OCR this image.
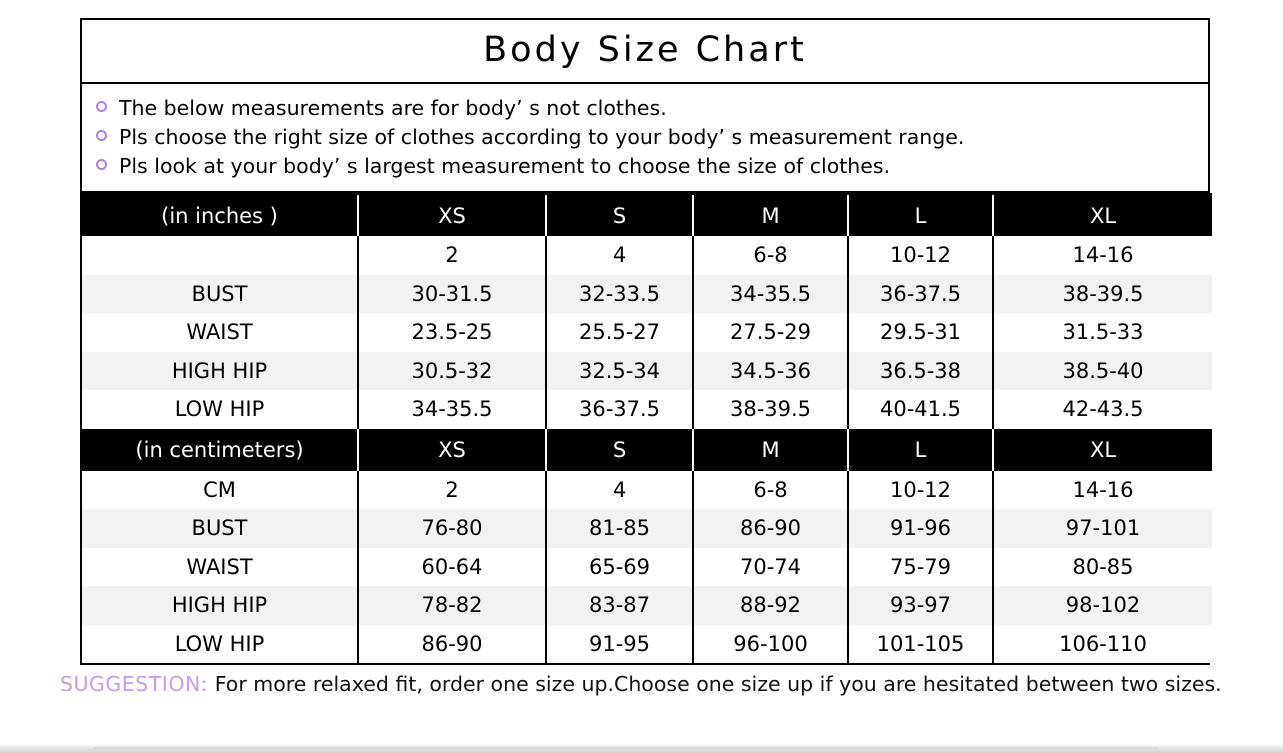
Body Size Chart
The below measurements are for body’ s not clothes.
Pls choose the right size of clothes according to your body’ s measurement range.
Pls look at your body’ s largest measurement to choose the size of clothes.
(in inches )	XS	S	M	L	XL
	2	4	6-8	10-12	14-16
BUST	30-31.5	32-33.5	34-35.5	36-37.5	38-39.5
WAIST	23.5-25	25.5-27	27.5-29	29.5-31	31.5-33
HIGH HIP	30.5-32	32.5-34	34.5-36	36.5-38	38.5-40
LOW HIP	34-35.5	36-37.5	38-39.5	40-41.5	42-43.5
(in centimeters)	XS	S	M	L	XL
CM	2	4	6-8	10-12	14-16
BUST	76-80	81-85	86-90	91-96	97-101
WAIST	60-64	65-69	70-74	75-79	80-85
HIGH HIP	78-82	83-87	88-92	93-97	98-102
LOW HIP	86-90	91-95	96-100	101-105	106-110
SUGGESTION: For more relaxed fit, order one size up.Choose one size up if you are hesitated between two sizes.
